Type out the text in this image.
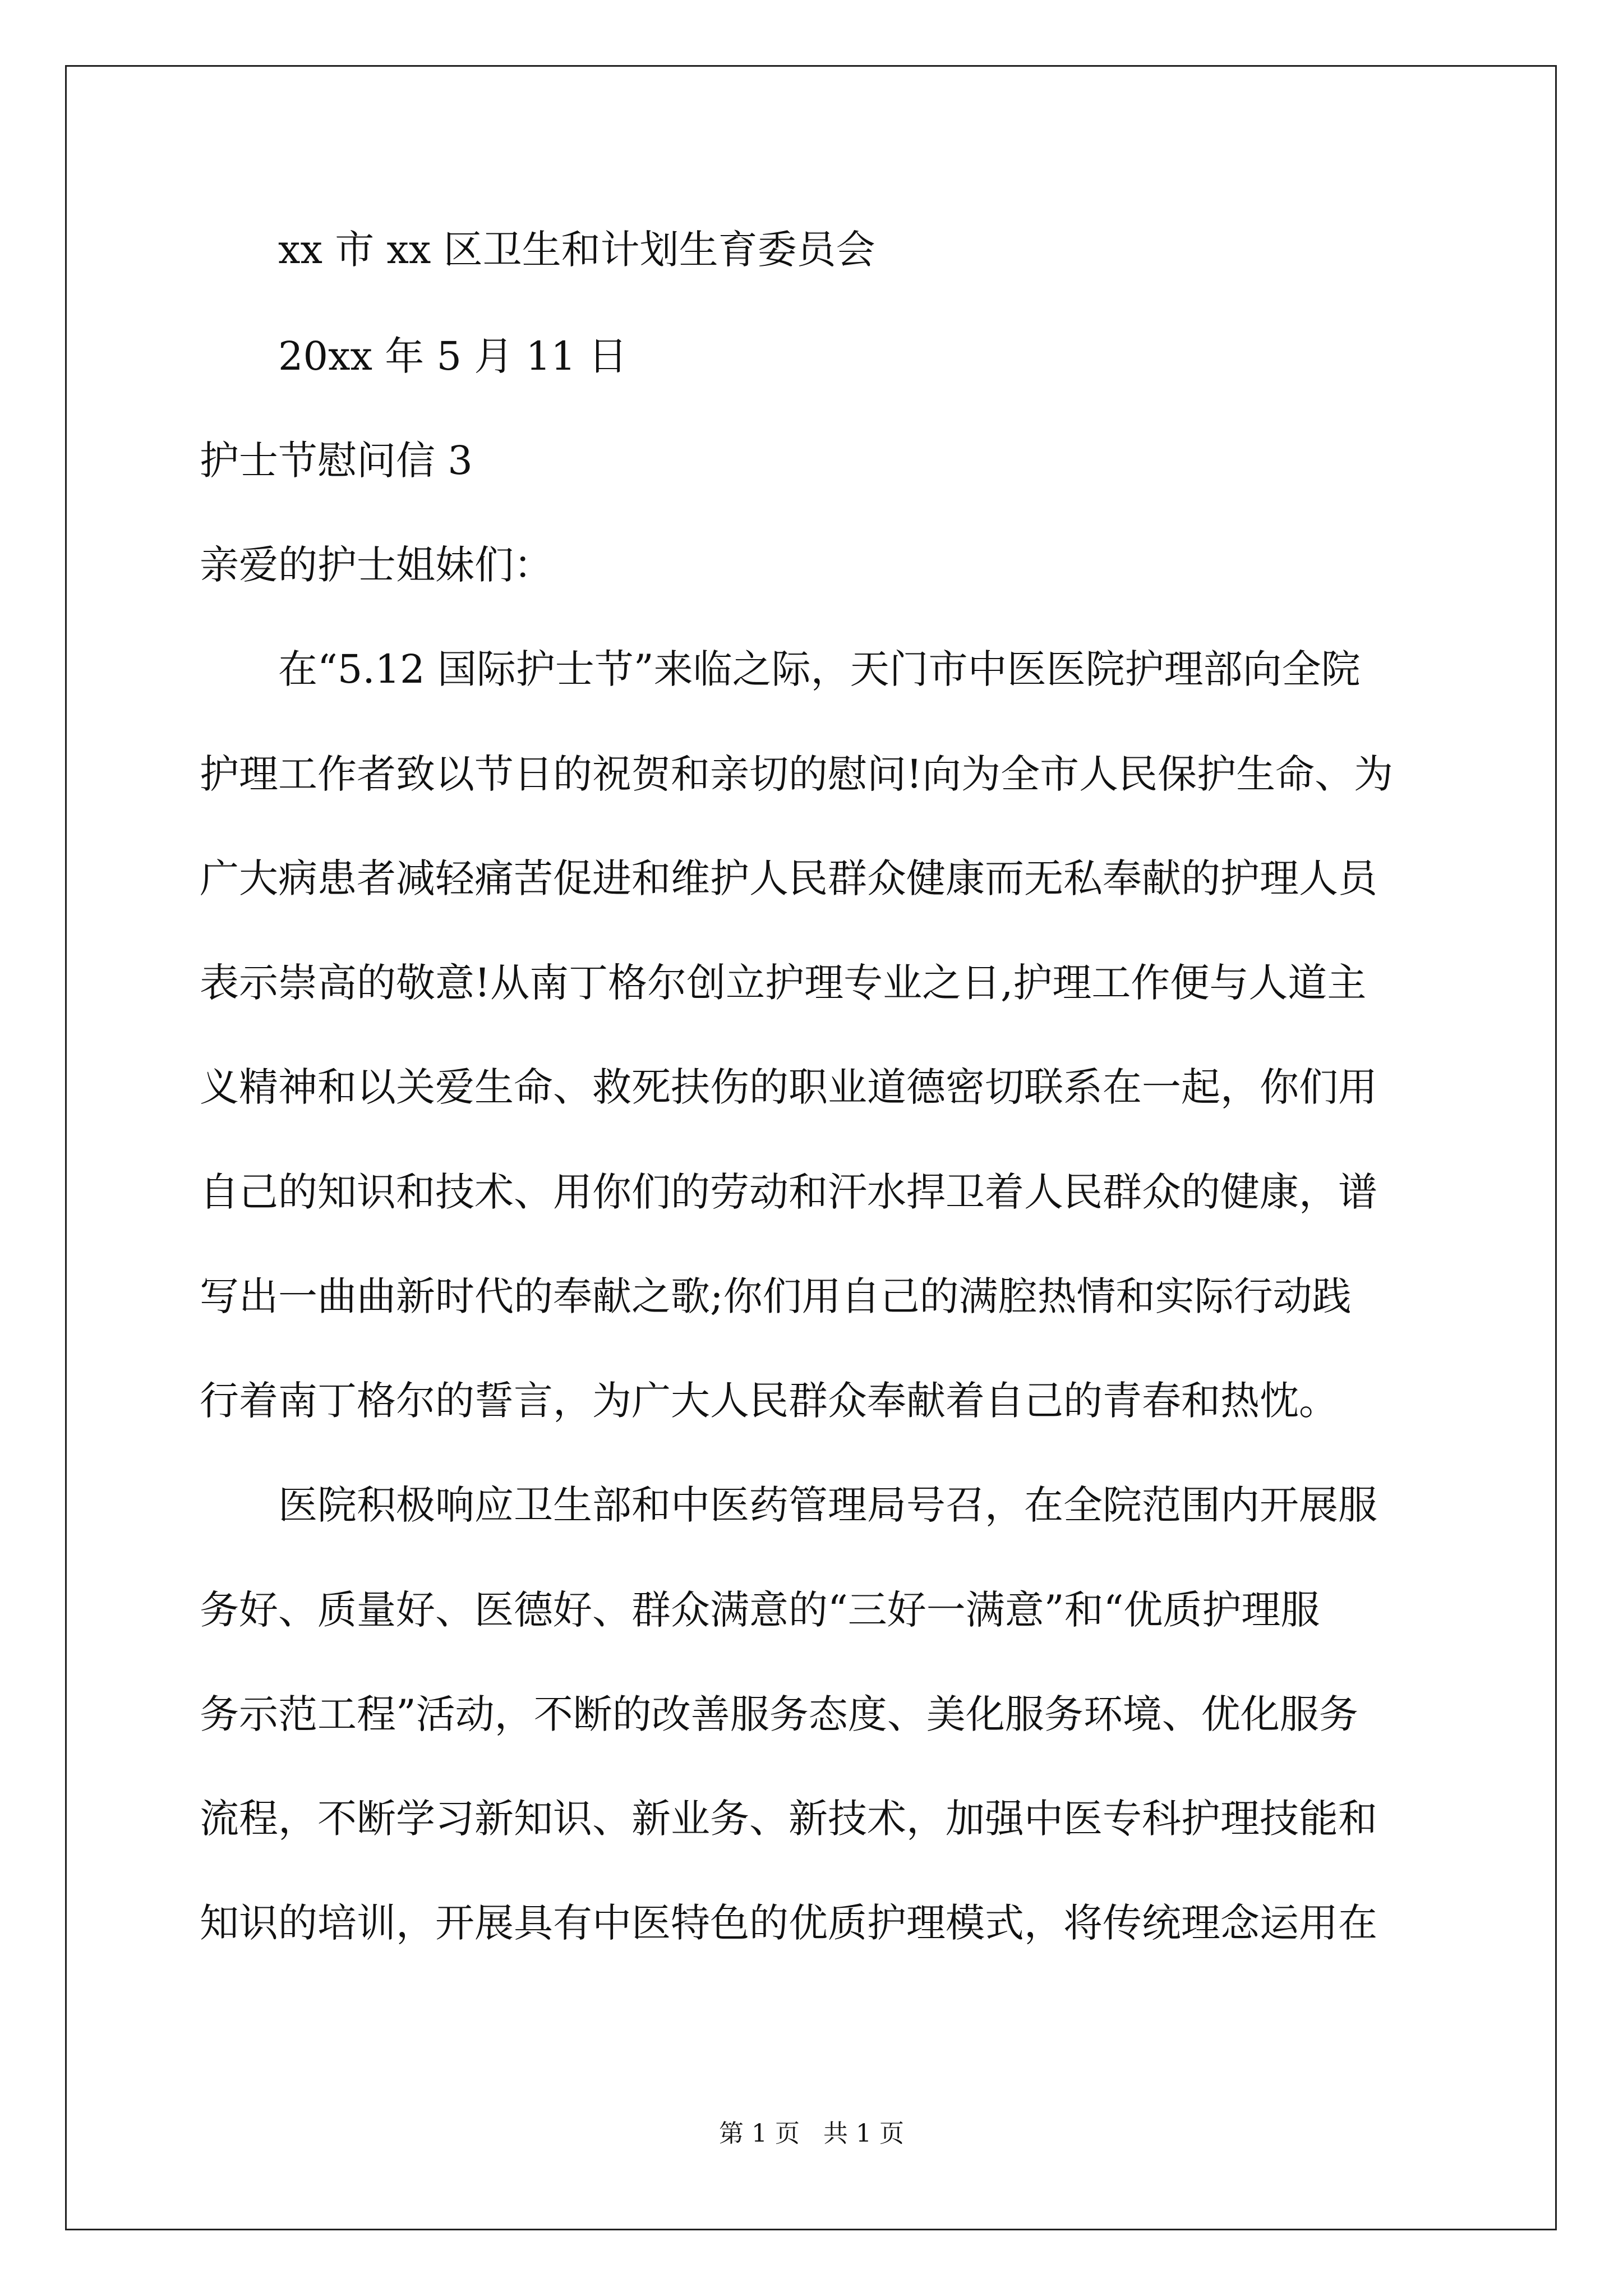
xx 市 xx 区卫生和计划生育委员会

20xx 年 5 月 11 日

护士节慰问信 3

亲爱的护士姐妹们：

在“5.12 国际护士节”来临之际，天门市中医医院护理部向全院

护理工作者致以节日的祝贺和亲切的慰问!向为全市人民保护生命、为

广大病患者减轻痛苦促进和维护人民群众健康而无私奉献的护理人员

表示崇高的敬意!从南丁格尔创立护理专业之日,护理工作便与人道主

义精神和以关爱生命、救死扶伤的职业道德密切联系在一起，你们用

自己的知识和技术、用你们的劳动和汗水捍卫着人民群众的健康，谱

写出一曲曲新时代的奉献之歌;你们用自己的满腔热情和实际行动践

行着南丁格尔的誓言，为广大人民群众奉献着自己的青春和热忱。

医院积极响应卫生部和中医药管理局号召，在全院范围内开展服

务好、质量好、医德好、群众满意的“三好一满意”和“优质护理服

务示范工程”活动，不断的改善服务态度、美化服务环境、优化服务

流程，不断学习新知识、新业务、新技术，加强中医专科护理技能和

知识的培训，开展具有中医特色的优质护理模式，将传统理念运用在

第 1 页 共 1 页
